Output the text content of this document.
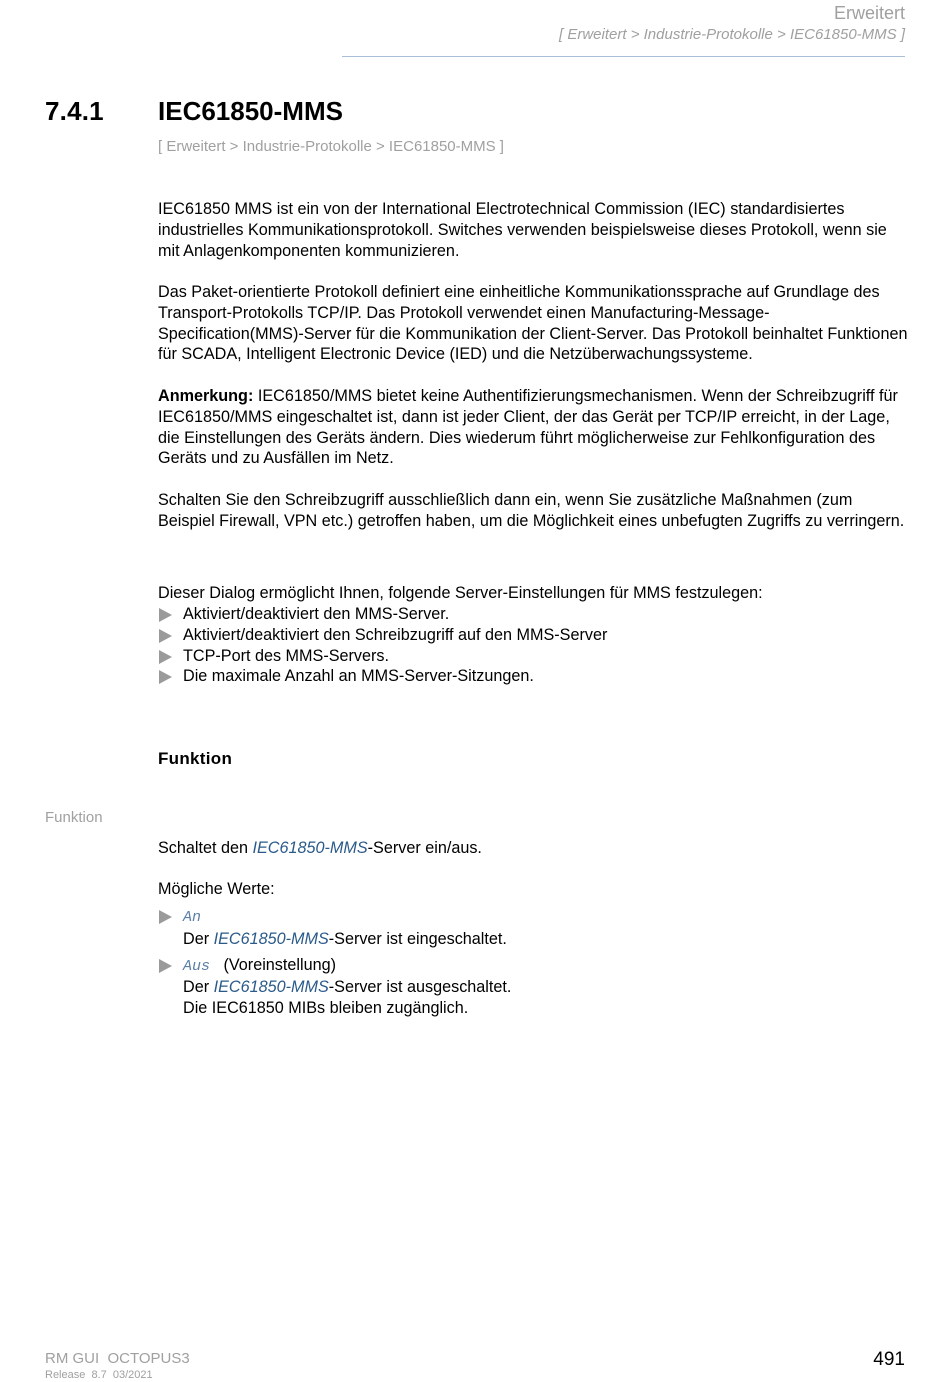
Erweitert
[ Erweitert > Industrie-Protokolle > IEC61850-MMS ]
7.4.1 IEC61850-MMS
[ Erweitert > Industrie-Protokolle > IEC61850-MMS ]

IEC61850 MMS ist ein von der International Electrotechnical Commission (IEC) standardisiertes industrielles Kommunikationsprotokoll. Switches verwenden beispielsweise dieses Protokoll, wenn sie mit Anlagenkomponenten kommunizieren.

Das Paket-orientierte Protokoll definiert eine einheitliche Kommunikationssprache auf Grundlage des Transport-Protokolls TCP/IP. Das Protokoll verwendet einen Manufacturing-Message-Specification(MMS)-Server für die Kommunikation der Client-Server. Das Protokoll beinhaltet Funktionen für SCADA, Intelligent Electronic Device (IED) und die Netzüberwachungssysteme.

Anmerkung: IEC61850/MMS bietet keine Authentifizierungsmechanismen. Wenn der Schreibzugriff für IEC61850/MMS eingeschaltet ist, dann ist jeder Client, der das Gerät per TCP/IP erreicht, in der Lage, die Einstellungen des Geräts ändern. Dies wiederum führt möglicherweise zur Fehlkonfiguration des Geräts und zu Ausfällen im Netz.

Schalten Sie den Schreibzugriff ausschließlich dann ein, wenn Sie zusätzliche Maßnahmen (zum Beispiel Firewall, VPN etc.) getroffen haben, um die Möglichkeit eines unbefugten Zugriffs zu verringern.

Dieser Dialog ermöglicht Ihnen, folgende Server-Einstellungen für MMS festzulegen:

Aktiviert/deaktiviert den MMS-Server.
Aktiviert/deaktiviert den Schreibzugriff auf den MMS-Server
TCP-Port des MMS-Servers.
Die maximale Anzahl an MMS-Server-Sitzungen.
Funktion
Funktion

Schaltet den IEC61850-MMS-Server ein/aus.

Mögliche Werte:

An
Der IEC61850-MMS-Server ist eingeschaltet.
Aus (Voreinstellung)
Der IEC61850-MMS-Server ist ausgeschaltet.
Die IEC61850 MIBs bleiben zugänglich.
RM GUI  OCTOPUS3
Release  8.7  03/2021
491
